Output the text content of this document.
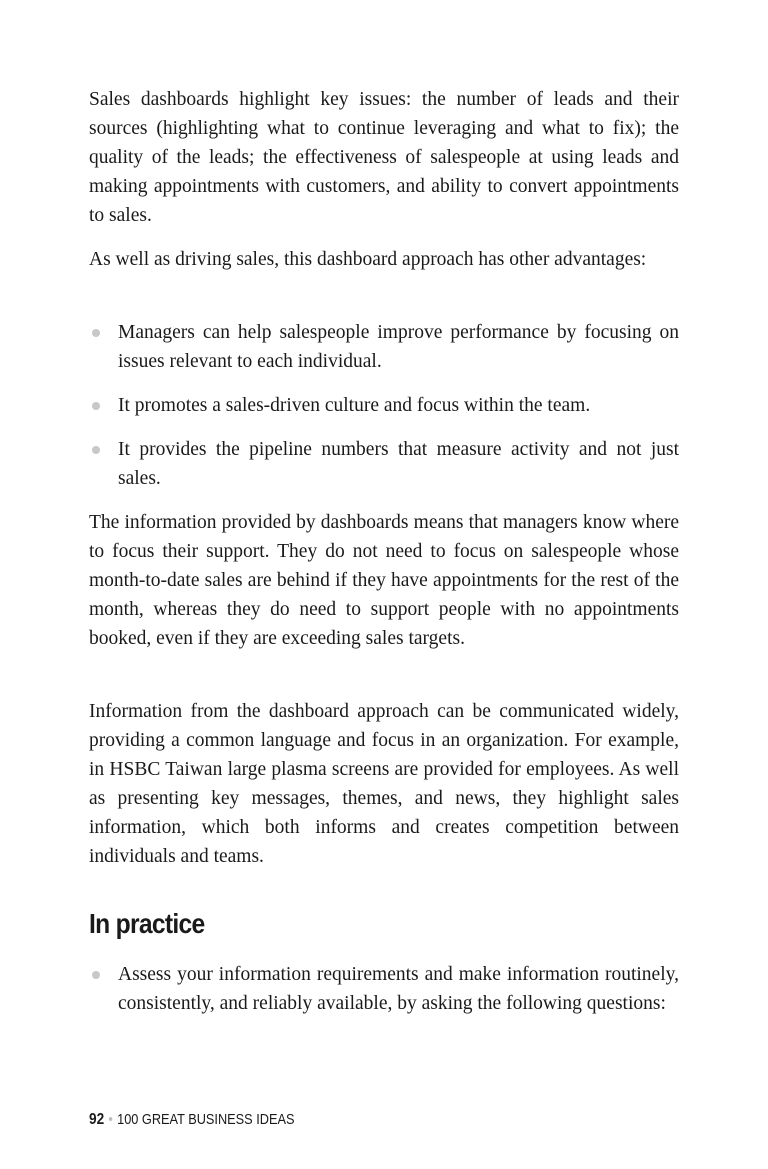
Sales dashboards highlight key issues: the number of leads and their sources (highlighting what to continue leveraging and what to fix); the quality of the leads; the effectiveness of salespeople at using leads and making appointments with customers, and ability to convert appointments to sales.
As well as driving sales, this dashboard approach has other advantages:
Managers can help salespeople improve performance by focusing on issues relevant to each individual.
It promotes a sales-driven culture and focus within the team.
It provides the pipeline numbers that measure activity and not just sales.
The information provided by dashboards means that managers know where to focus their support. They do not need to focus on salespeople whose month-to-date sales are behind if they have appointments for the rest of the month, whereas they do need to support people with no appointments booked, even if they are exceeding sales targets.
Information from the dashboard approach can be communicated widely, providing a common language and focus in an organization. For example, in HSBC Taiwan large plasma screens are provided for employees. As well as presenting key messages, themes, and news, they highlight sales information, which both informs and creates competition between individuals and teams.
In practice
Assess your information requirements and make information routinely, consistently, and reliably available, by asking the following questions:
92 • 100 GREAT BUSINESS IDEAS
